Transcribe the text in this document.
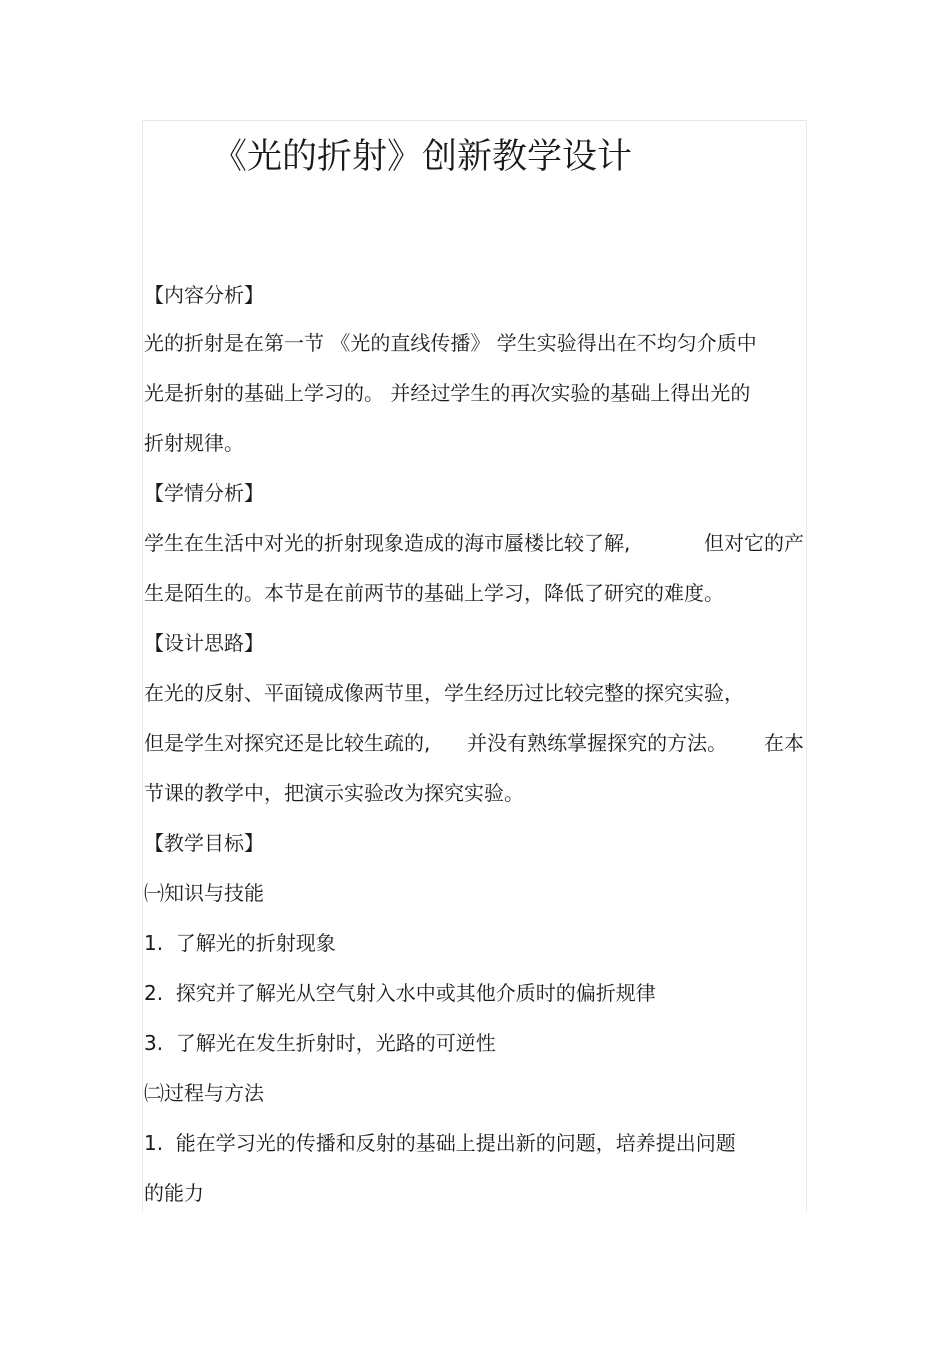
《光的折射》创新教学设计

【内容分析】

光的折射是在第一节 《光的直线传播》 学生实验得出在不均匀介质中

光是折射的基础上学习的。 并经过学生的再次实验的基础上得出光的

折射规律。

【学情分析】

学生在生活中对光的折射现象造成的海市蜃楼比较了解,	但对它的产

生是陌生的。本节是在前两节的基础上学习，降低了研究的难度。

【设计思路】

在光的反射、平面镜成像两节里，学生经历过比较完整的探究实验，

但是学生对探究还是比较生疏的, 并没有熟练掌握探究的方法。 在本

节课的教学中，把演示实验改为探究实验。

【教学目标】

㈠知识与技能

1.  了解光的折射现象

2.  探究并了解光从空气射入水中或其他介质时的偏折规律

3.  了解光在发生折射时，光路的可逆性

㈡过程与方法

1.  能在学习光的传播和反射的基础上提出新的问题，培养提出问题

的能力
